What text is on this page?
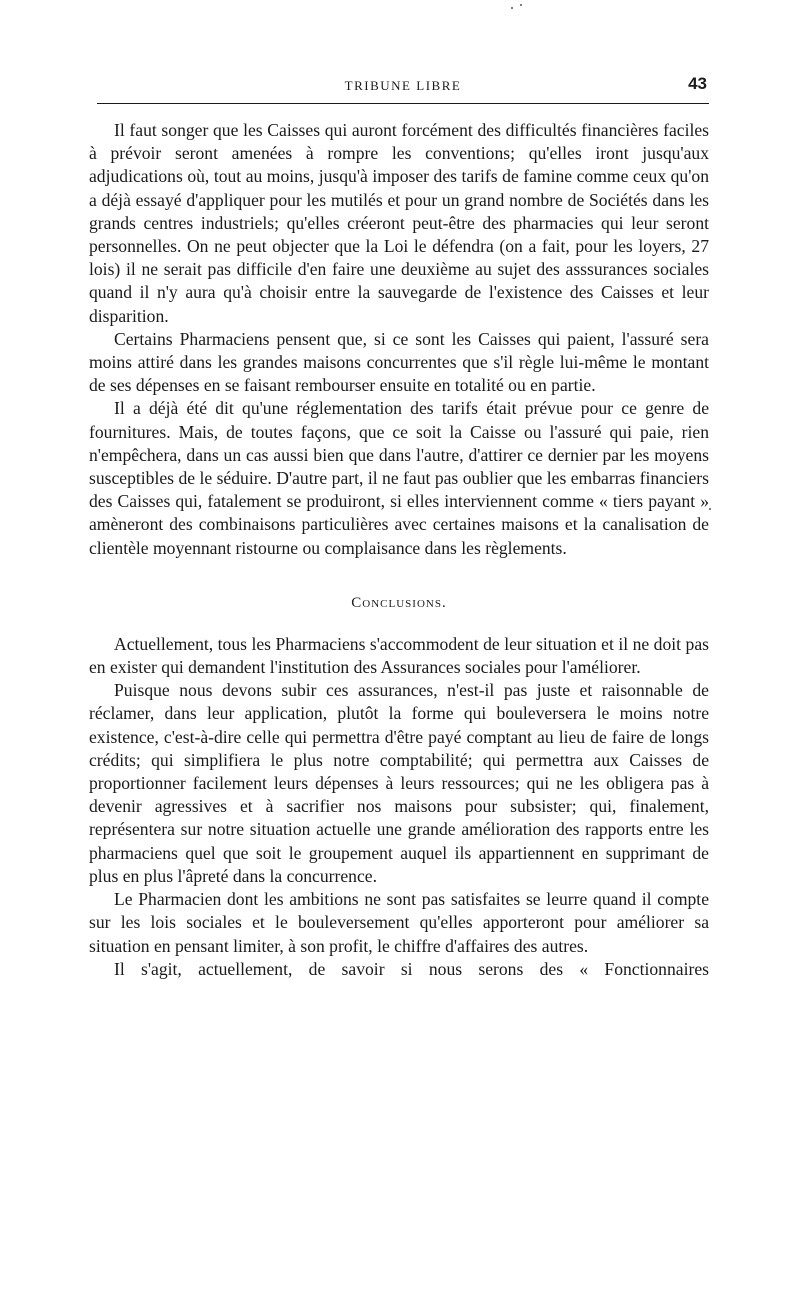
TRIBUNE LIBRE	43

Il faut songer que les Caisses qui auront forcément des difficultés financières faciles à prévoir seront amenées à rompre les conventions; qu'elles iront jusqu'aux adjudications où, tout au moins, jusqu'à imposer des tarifs de famine comme ceux qu'on a déjà essayé d'appliquer pour les mutilés et pour un grand nombre de Sociétés dans les grands centres industriels; qu'elles créeront peut-être des pharmacies qui leur seront personnelles. On ne peut objecter que la Loi le défendra (on a fait, pour les loyers, 27 lois) il ne serait pas difficile d'en faire une deuxième au sujet des asssurances sociales quand il n'y aura qu'à choisir entre la sauvegarde de l'existence des Caisses et leur disparition.

Certains Pharmaciens pensent que, si ce sont les Caisses qui paient, l'assuré sera moins attiré dans les grandes maisons concurrentes que s'il règle lui-même le montant de ses dépenses en se faisant rembourser ensuite en totalité ou en partie.

Il a déjà été dit qu'une réglementation des tarifs était prévue pour ce genre de fournitures. Mais, de toutes façons, que ce soit la Caisse ou l'assuré qui paie, rien n'empêchera, dans un cas aussi bien que dans l'autre, d'attirer ce dernier par les moyens susceptibles de le séduire. D'autre part, il ne faut pas oublier que les embarras financiers des Caisses qui, fatalement se produiront, si elles interviennent comme « tiers payant » amèneront des combinaisons particulières avec certaines maisons et la canalisation de clientèle moyennant ristourne ou complaisance dans les règlements.

Conclusions.

Actuellement, tous les Pharmaciens s'accommodent de leur situation et il ne doit pas en exister qui demandent l'institution des Assurances sociales pour l'améliorer.

Puisque nous devons subir ces assurances, n'est-il pas juste et raisonnable de réclamer, dans leur application, plutôt la forme qui bouleversera le moins notre existence, c'est-à-dire celle qui permettra d'être payé comptant au lieu de faire de longs crédits; qui simplifiera le plus notre comptabilité; qui permettra aux Caisses de proportionner facilement leurs dépenses à leurs ressources; qui ne les obligera pas à devenir agressives et à sacrifier nos maisons pour subsister; qui, finalement, représentera sur notre situation actuelle une grande amélioration des rapports entre les pharmaciens quel que soit le groupement auquel ils appartiennent en supprimant de plus en plus l'âpreté dans la concurrence.

Le Pharmacien dont les ambitions ne sont pas satisfaites se leurre quand il compte sur les lois sociales et le bouleversement qu'elles apporteront pour améliorer sa situation en pensant limiter, à son profit, le chiffre d'affaires des autres.

Il s'agit, actuellement, de savoir si nous serons des « Fonctionnaires
